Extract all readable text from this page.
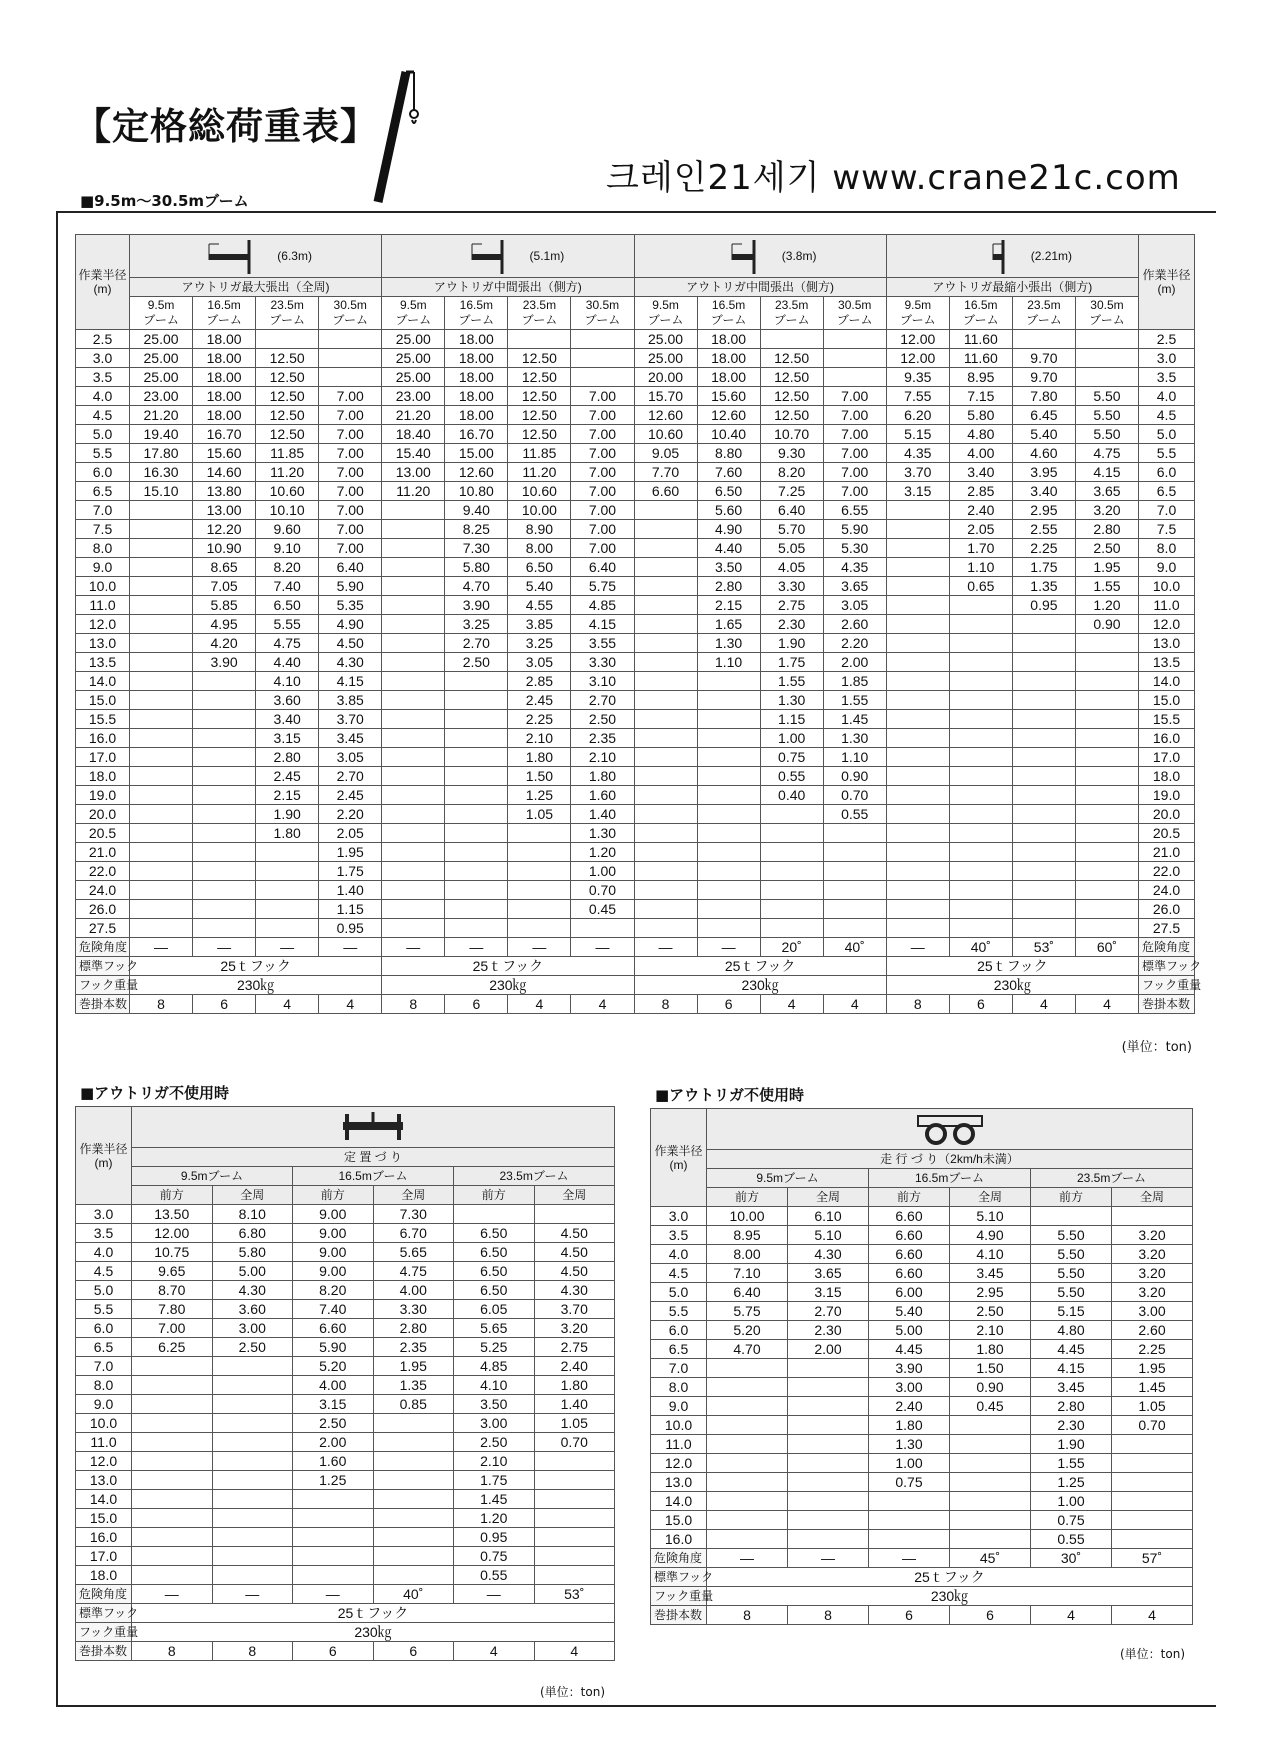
【定格総荷重表】
크레인21세기 www.crane21c.com
■9.5m～30.5mブーム
作業半径
(m)	(6.3m)				(5.1m)				(3.8m)				(2.21m)				作業半径
(m)
	アウトリガ最大張出（全周)				アウトリガ中間張出（側方)				アウトリガ中間張出（側方)				アウトリガ最縮小張出（側方)				
	9.5m
ブーム	16.5m
ブーム	23.5m
ブーム	30.5m
ブーム	9.5m
ブーム	16.5m
ブーム	23.5m
ブーム	30.5m
ブーム	9.5m
ブーム	16.5m
ブーム	23.5m
ブーム	30.5m
ブーム	9.5m
ブーム	16.5m
ブーム	23.5m
ブーム	30.5m
ブーム	
2.5	25.00	18.00			25.00	18.00			25.00	18.00			12.00	11.60			2.5
3.0	25.00	18.00	12.50		25.00	18.00	12.50		25.00	18.00	12.50		12.00	11.60	9.70		3.0
3.5	25.00	18.00	12.50		25.00	18.00	12.50		20.00	18.00	12.50		9.35	8.95	9.70		3.5
4.0	23.00	18.00	12.50	7.00	23.00	18.00	12.50	7.00	15.70	15.60	12.50	7.00	7.55	7.15	7.80	5.50	4.0
4.5	21.20	18.00	12.50	7.00	21.20	18.00	12.50	7.00	12.60	12.60	12.50	7.00	6.20	5.80	6.45	5.50	4.5
5.0	19.40	16.70	12.50	7.00	18.40	16.70	12.50	7.00	10.60	10.40	10.70	7.00	5.15	4.80	5.40	5.50	5.0
5.5	17.80	15.60	11.85	7.00	15.40	15.00	11.85	7.00	9.05	8.80	9.30	7.00	4.35	4.00	4.60	4.75	5.5
6.0	16.30	14.60	11.20	7.00	13.00	12.60	11.20	7.00	7.70	7.60	8.20	7.00	3.70	3.40	3.95	4.15	6.0
6.5	15.10	13.80	10.60	7.00	11.20	10.80	10.60	7.00	6.60	6.50	7.25	7.00	3.15	2.85	3.40	3.65	6.5
7.0		13.00	10.10	7.00		9.40	10.00	7.00		5.60	6.40	6.55		2.40	2.95	3.20	7.0
7.5		12.20	9.60	7.00		8.25	8.90	7.00		4.90	5.70	5.90		2.05	2.55	2.80	7.5
8.0		10.90	9.10	7.00		7.30	8.00	7.00		4.40	5.05	5.30		1.70	2.25	2.50	8.0
9.0		8.65	8.20	6.40		5.80	6.50	6.40		3.50	4.05	4.35		1.10	1.75	1.95	9.0
10.0		7.05	7.40	5.90		4.70	5.40	5.75		2.80	3.30	3.65		0.65	1.35	1.55	10.0
11.0		5.85	6.50	5.35		3.90	4.55	4.85		2.15	2.75	3.05			0.95	1.20	11.0
12.0		4.95	5.55	4.90		3.25	3.85	4.15		1.65	2.30	2.60				0.90	12.0
13.0		4.20	4.75	4.50		2.70	3.25	3.55		1.30	1.90	2.20					13.0
13.5		3.90	4.40	4.30		2.50	3.05	3.30		1.10	1.75	2.00					13.5
14.0			4.10	4.15			2.85	3.10			1.55	1.85					14.0
15.0			3.60	3.85			2.45	2.70			1.30	1.55					15.0
15.5			3.40	3.70			2.25	2.50			1.15	1.45					15.5
16.0			3.15	3.45			2.10	2.35			1.00	1.30					16.0
17.0			2.80	3.05			1.80	2.10			0.75	1.10					17.0
18.0			2.45	2.70			1.50	1.80			0.55	0.90					18.0
19.0			2.15	2.45			1.25	1.60			0.40	0.70					19.0
20.0			1.90	2.20			1.05	1.40				0.55					20.0
20.5			1.80	2.05				1.30									20.5
21.0				1.95				1.20									21.0
22.0				1.75				1.00									22.0
24.0				1.40				0.70									24.0
26.0				1.15				0.45									26.0
27.5				0.95													27.5
危険角度	—	—	—	—	—	—	—	—	—	—	20˚	40˚	—	40˚	53˚	60˚	危険角度
標準フック	25ｔフック				25ｔフック				25ｔフック				25ｔフック				標準フック
フック重量	230㎏				230㎏				230㎏				230㎏				フック重量
巻掛本数	8	6	4	4	8	6	4	4	8	6	4	4	8	6	4	4	巻掛本数
(単位：ton)
■アウトリガ不使用時
作業半径
(m)	
	定 置 づ り					
	9.5mブーム		16.5mブーム		23.5mブーム	
	前方	全周	前方	全周	前方	全周
3.0	13.50	8.10	9.00	7.30		
3.5	12.00	6.80	9.00	6.70	6.50	4.50
4.0	10.75	5.80	9.00	5.65	6.50	4.50
4.5	9.65	5.00	9.00	4.75	6.50	4.50
5.0	8.70	4.30	8.20	4.00	6.50	4.30
5.5	7.80	3.60	7.40	3.30	6.05	3.70
6.0	7.00	3.00	6.60	2.80	5.65	3.20
6.5	6.25	2.50	5.90	2.35	5.25	2.75
7.0			5.20	1.95	4.85	2.40
8.0			4.00	1.35	4.10	1.80
9.0			3.15	0.85	3.50	1.40
10.0			2.50		3.00	1.05
11.0			2.00		2.50	0.70
12.0			1.60		2.10	
13.0			1.25		1.75	
14.0					1.45	
15.0					1.20	
16.0					0.95	
17.0					0.75	
18.0					0.55	
危険角度	—	—	—	40˚	—	53˚
標準フック	25ｔフック					
フック重量	230㎏					
巻掛本数	8	8	6	6	4	4
(単位：ton)
■アウトリガ不使用時
作業半径
(m)	
	走 行 づ り（2km/h未満）					
	9.5mブーム		16.5mブーム		23.5mブーム	
	前方	全周	前方	全周	前方	全周
3.0	10.00	6.10	6.60	5.10		
3.5	8.95	5.10	6.60	4.90	5.50	3.20
4.0	8.00	4.30	6.60	4.10	5.50	3.20
4.5	7.10	3.65	6.60	3.45	5.50	3.20
5.0	6.40	3.15	6.00	2.95	5.50	3.20
5.5	5.75	2.70	5.40	2.50	5.15	3.00
6.0	5.20	2.30	5.00	2.10	4.80	2.60
6.5	4.70	2.00	4.45	1.80	4.45	2.25
7.0			3.90	1.50	4.15	1.95
8.0			3.00	0.90	3.45	1.45
9.0			2.40	0.45	2.80	1.05
10.0			1.80		2.30	0.70
11.0			1.30		1.90	
12.0			1.00		1.55	
13.0			0.75		1.25	
14.0					1.00	
15.0					0.75	
16.0					0.55	
危険角度	—	—	—	45˚	30˚	57˚
標準フック	25ｔフック					
フック重量	230㎏					
巻掛本数	8	8	6	6	4	4
(単位：ton)
